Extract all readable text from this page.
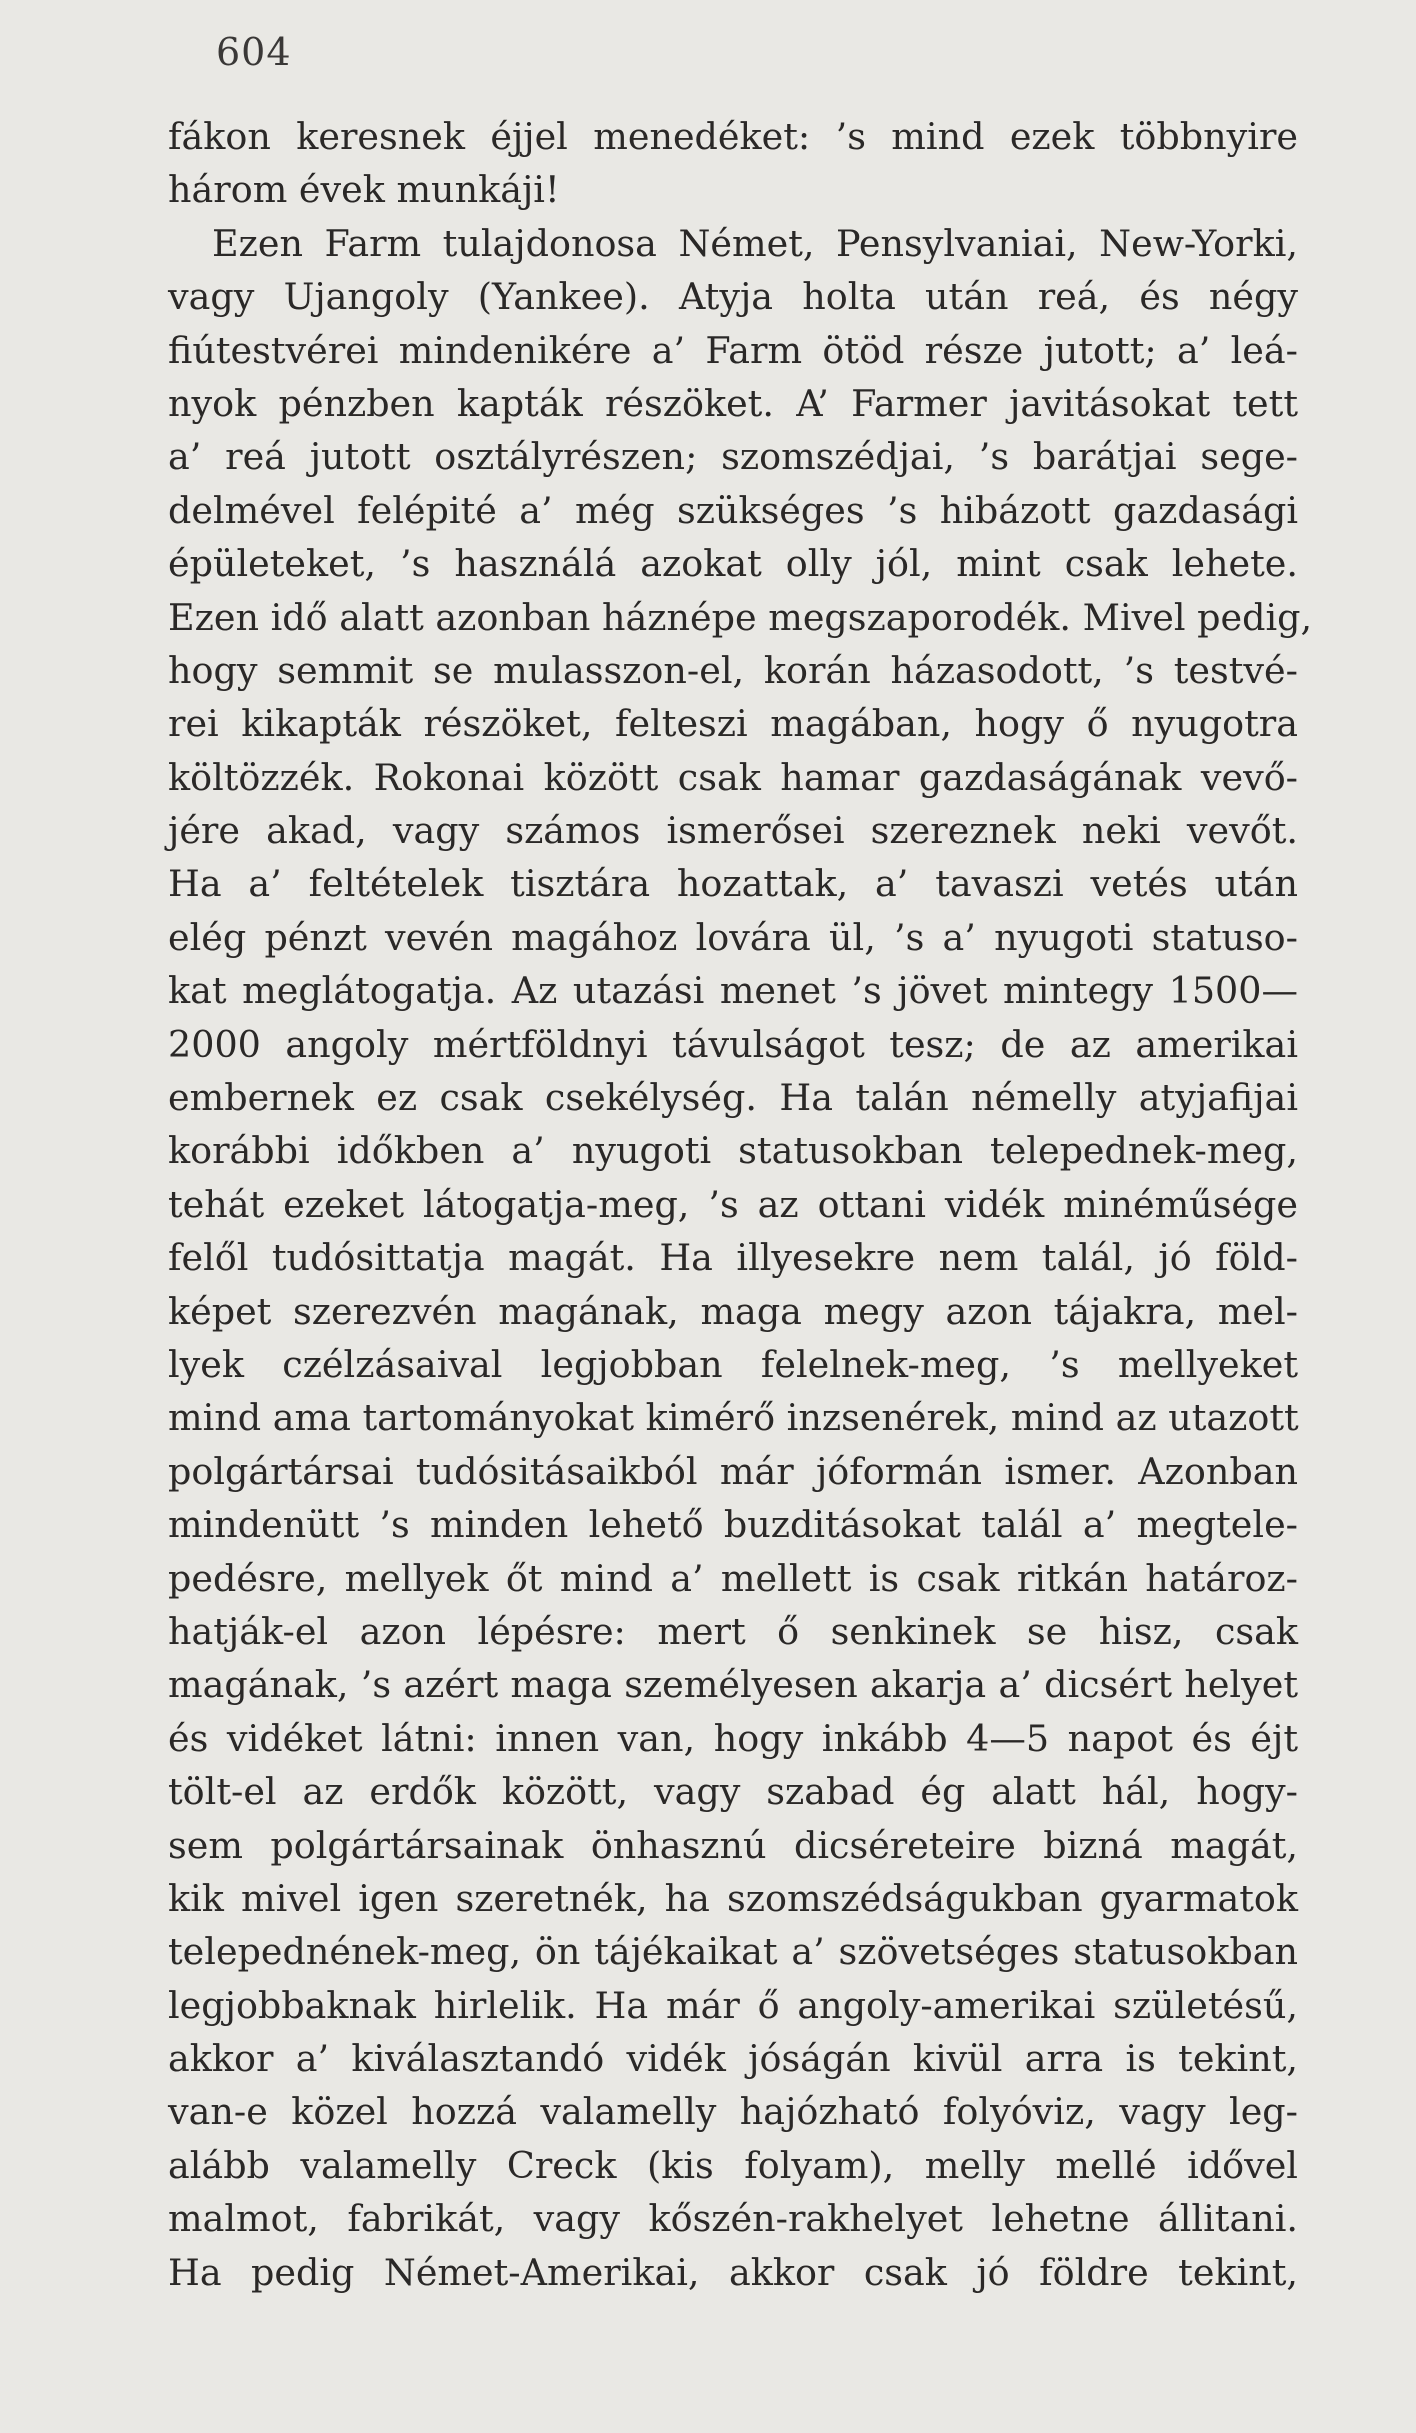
604
fákon keresnek éjjel menedéket: ’s mind ezek többnyire
három évek munkáji!
Ezen Farm tulajdonosa Német, Pensylvaniai, New-Yorki,
vagy Ujangoly (Yankee). Atyja holta után reá, és négy
fiútestvérei mindenikére a’ Farm ötöd része jutott; a’ leá-
nyok pénzben kapták részöket. A’ Farmer javitásokat tett
a’ reá jutott osztályrészen; szomszédjai, ’s barátjai sege-
delmével felépité a’ még szükséges ’s hibázott gazdasági
épületeket, ’s használá azokat olly jól, mint csak lehete.
Ezen idő alatt azonban háznépe megszaporodék. Mivel pedig,
hogy semmit se mulasszon-el, korán házasodott, ’s testvé-
rei kikapták részöket, felteszi magában, hogy ő nyugotra
költözzék. Rokonai között csak hamar gazdaságának vevő-
jére akad, vagy számos ismerősei szereznek neki vevőt.
Ha a’ feltételek tisztára hozattak, a’ tavaszi vetés után
elég pénzt vevén magához lovára ül, ’s a’ nyugoti statuso-
kat meglátogatja. Az utazási menet ’s jövet mintegy 1500—
2000 angoly mértföldnyi távulságot tesz; de az amerikai
embernek ez csak csekélység. Ha talán némelly atyjafijai
korábbi időkben a’ nyugoti statusokban telepednek-meg,
tehát ezeket látogatja-meg, ’s az ottani vidék minéműsége
felől tudósittatja magát. Ha illyesekre nem talál, jó föld-
képet szerezvén magának, maga megy azon tájakra, mel-
lyek czélzásaival legjobban felelnek-meg, ’s mellyeket
mind ama tartományokat kimérő inzsenérek, mind az utazott
polgártársai tudósitásaikból már jóformán ismer. Azonban
mindenütt ’s minden lehető buzditásokat talál a’ megtele-
pedésre, mellyek őt mind a’ mellett is csak ritkán határoz-
hatják-el azon lépésre: mert ő senkinek se hisz, csak
magának, ’s azért maga személyesen akarja a’ dicsért helyet
és vidéket látni: innen van, hogy inkább 4—5 napot és éjt
tölt-el az erdők között, vagy szabad ég alatt hál, hogy-
sem polgártársainak önhasznú dicséreteire bizná magát,
kik mivel igen szeretnék, ha szomszédságukban gyarmatok
telepednének-meg, ön tájékaikat a’ szövetséges statusokban
legjobbaknak hirlelik. Ha már ő angoly-amerikai születésű,
akkor a’ kiválasztandó vidék jóságán kivül arra is tekint,
van-e közel hozzá valamelly hajózható folyóviz, vagy leg-
alább valamelly Creck (kis folyam), melly mellé idővel
malmot, fabrikát, vagy kőszén-rakhelyet lehetne állitani.
Ha pedig Német-Amerikai, akkor csak jó földre tekint,
